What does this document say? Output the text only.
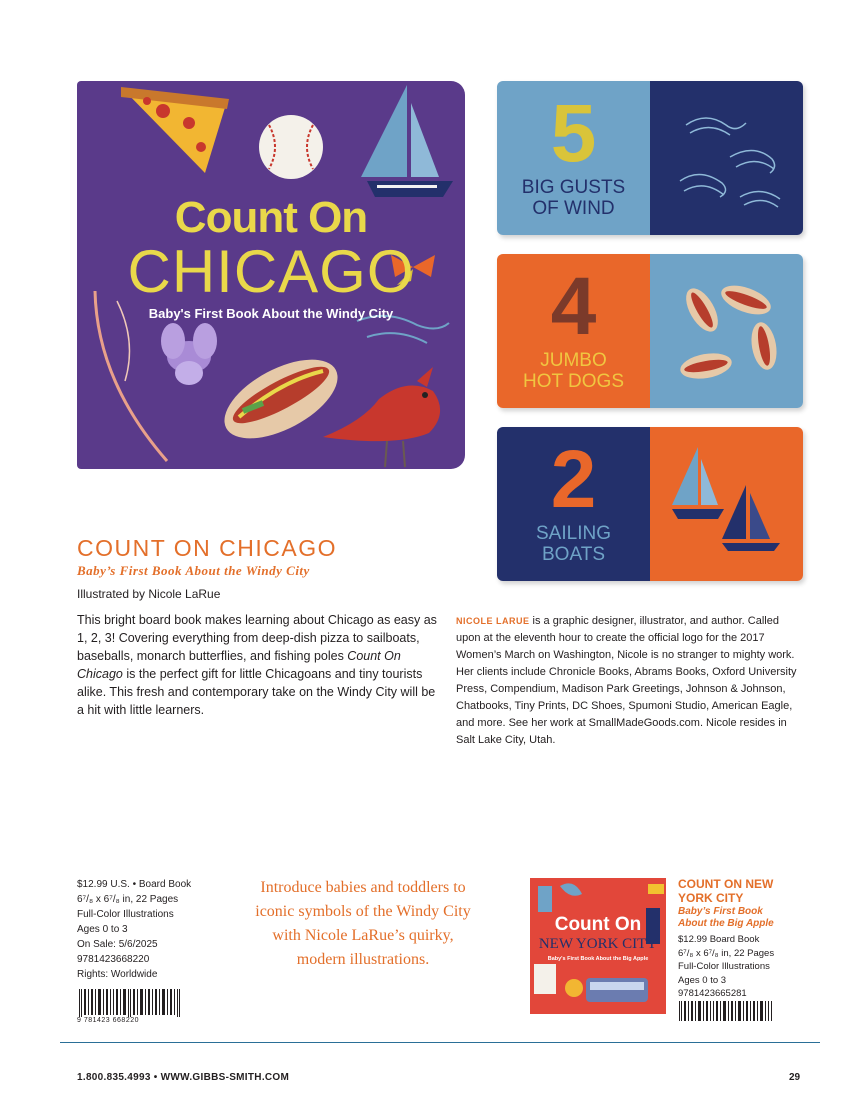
Count On
CHICAGO
Baby's First Book About the Windy City
5
BIG GUSTS
OF WIND
4
JUMBO
HOT DOGS
2
SAILING
BOATS
COUNT ON CHICAGO
Baby’s First Book About the Windy City
Illustrated by Nicole LaRue
This bright board book makes learning about Chicago as easy as 1, 2, 3! Covering everything from deep-dish pizza to sailboats, baseballs, monarch butterflies, and fishing poles Count On Chicago is the perfect gift for little Chicagoans and tiny tourists alike. This fresh and contemporary take on the Windy City will be a hit with little learners.
NICOLE LARUE is a graphic designer, illustrator, and author. Called upon at the eleventh hour to create the official logo for the 2017 Women’s March on Washington, Nicole is no stranger to mighty work. Her clients include Chronicle Books, Abrams Books, Oxford University Press, Compendium, Madison Park Greetings, Johnson & Johnson, Chatbooks, Tiny Prints, DC Shoes, Spumoni Studio, American Eagle, and more. See her work at SmallMadeGoods.com. Nicole resides in Salt Lake City, Utah.
$12.99 U.S. • Board Book
6⁷/₈ x 6⁷/₈ in, 22 Pages
Full-Color Illustrations
Ages 0 to 3
On Sale: 5/6/2025
9781423668220
Rights: Worldwide
9 781423 668220
Introduce babies and toddlers to iconic symbols of the Windy City with Nicole LaRue’s quirky, modern illustrations.
Count On
NEW YORK CITY
Baby's First Book About the Big Apple
COUNT ON NEW
YORK CITY
Baby’s First Book
About the Big Apple
$12.99 Board Book
6⁷/₈ x 6⁷/₈ in, 22 Pages
Full-Color Illustrations
Ages 0 to 3
9781423665281
1.800.835.4993 • WWW.GIBBS-SMITH.COM	29
